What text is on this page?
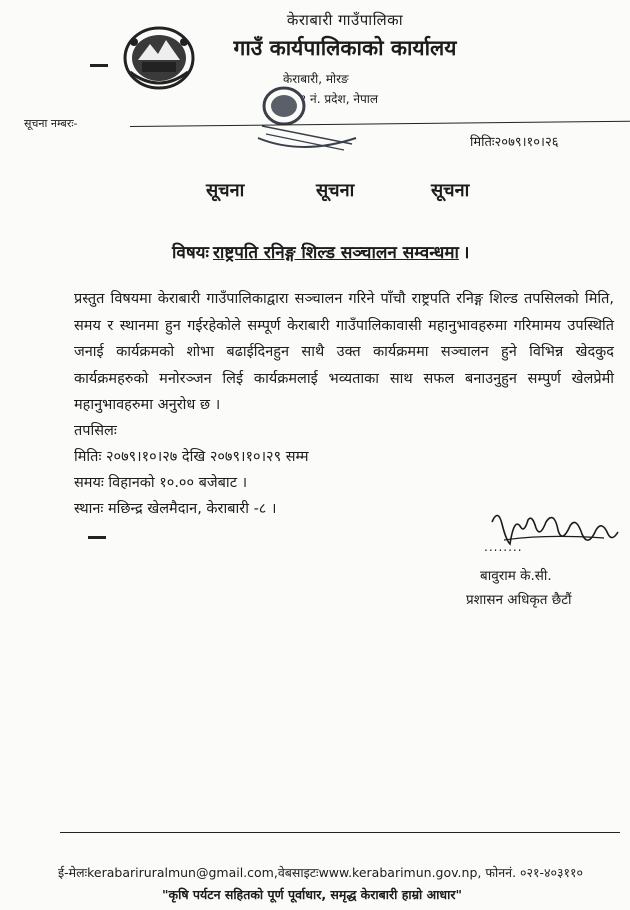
केराबारी गाउँपालिका
गाउँ कार्यपालिकाको कार्यालय
केराबारी, मोरङ
१ नं. प्रदेश, नेपाल
सूचना नम्बरः-
मितिः२०७९।१०।२६
सूचना	सूचना	सूचना
विषयः राष्ट्रपति रनिङ्ग शिल्ड सञ्चालन सम्वन्धमा ।
प्रस्तुत विषयमा केराबारी गाउँपालिकाद्वारा सञ्चालन गरिने पाँचौ राष्ट्रपति रनिङ्ग शिल्ड तपसिलको मिति, समय र स्थानमा हुन गईरहेकोले सम्पूर्ण केराबारी गाउँपालिकावासी महानुभावहरुमा गरिमामय उपस्थिति जनाई कार्यक्रमको शोभा बढाईदिनहुन साथै उक्त कार्यक्रममा सञ्चालन हुने विभिन्न खेदकुद कार्यक्रमहरुको मनोरञ्जन लिई कार्यक्रमलाई भव्यताका साथ सफल बनाउनुहुन सम्पुर्ण खेलप्रेमी महानुभावहरुमा अनुरोध छ ।
तपसिलः
मितिः २०७९।१०।२७ देखि २०७९।१०।२९ सम्म
समयः विहानको १०.०० बजेबाट ।
स्थानः मछिन्द्र खेलमैदान, केराबारी -८ ।
........
बावुराम के.सी.
प्रशासन अधिकृत छैटौं
ई-मेलःkerabariruralmun@gmail.com,वेबसाइटःwww.kerabarimun.gov.np, फोननं. ०२१-४०३११०
"कृषि पर्यटन सहितको पूर्ण पूर्वाधार, समृद्ध केराबारी हाम्रो आधार"
